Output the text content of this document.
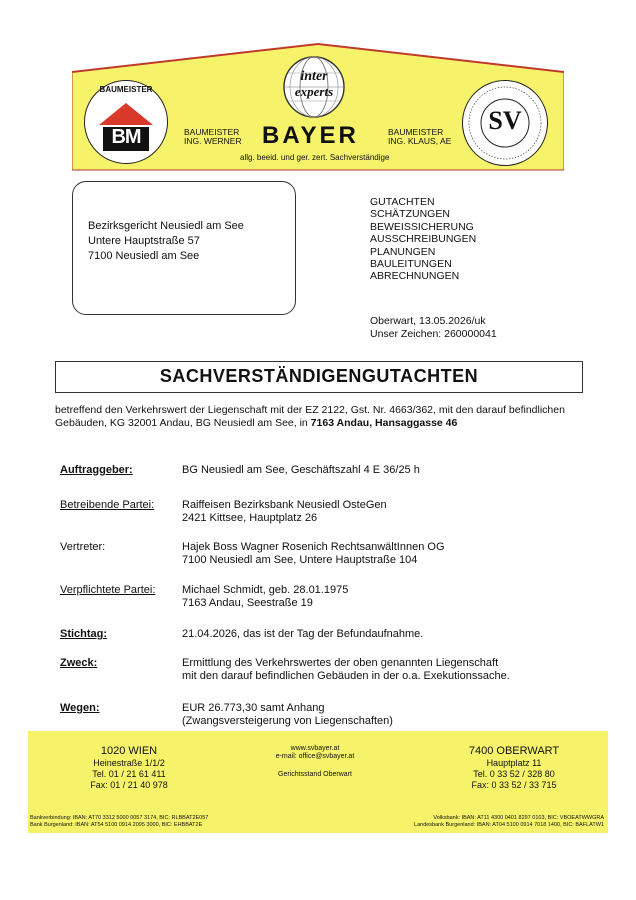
BAUMEISTER
BM
inter
experts
BAUMEISTER
ING. WERNER BAYER	BAUMEISTER
ING. KLAUS, AE
allg. beeid. und ger. zert. Sachverständige
SV
Bezirksgericht Neusiedl am See
Untere Hauptstraße 57
7100 Neusiedl am See
GUTACHTEN
SCHÄTZUNGEN
BEWEISSICHERUNG
AUSSCHREIBUNGEN
PLANUNGEN
BAULEITUNGEN
ABRECHNUNGEN
Oberwart, 13.05.2026/uk
Unser Zeichen: 260000041
SACHVERSTÄNDIGENGUTACHTEN
betreffend den Verkehrswert der Liegenschaft mit der EZ 2122, Gst. Nr. 4663/362, mit den darauf befindlichen Gebäuden, KG 32001 Andau, BG Neusiedl am See, in 7163 Andau, Hansaggasse 46
Auftraggeber:	BG Neusiedl am See, Geschäftszahl 4 E 36/25 h
Betreibende Partei:	Raiffeisen Bezirksbank Neusiedl OsteGen
2421 Kittsee, Hauptplatz 26
Vertreter:	Hajek Boss Wagner Rosenich RechtsanwältInnen OG
7100 Neusiedl am See, Untere Hauptstraße 104
Verpflichtete Partei: Michael Schmidt, geb. 28.01.1975
7163 Andau, Seestraße 19
Stichtag:	21.04.2026, das ist der Tag der Befundaufnahme.
Zweck:	Ermittlung des Verkehrswertes der oben genannten Liegenschaft
mit den darauf befindlichen Gebäuden in der o.a. Exekutionssache.
Wegen:	EUR 26.773,30 samt Anhang
(Zwangsversteigerung von Liegenschaften)
1020 WIEN
Heinestraße 1/1/2
Tel. 01 / 21 61 411
Fax: 01 / 21 40 978
www.svbayer.at
e-mail: office@svbayer.at
Gerichtsstand Oberwart
7400 OBERWART
Hauptplatz 11
Tel. 0 33 52 / 328 80
Fax: 0 33 52 / 33 715
Bankverbindung: IBAN: AT70 3312 5000 0057 3174, BIC: RLBBAT2E057
Bank Burgenland: IBAN: AT54 5100 0914 2095 3000, BIC: EHBBAT2E
Volksbank: IBAN: AT11 4300 0401 8297 0103, BIC: VBOEATWWGRA
Landesbank Burgenland: IBAN: AT04 5100 0914 7018 1400, BIC: BAFLATW1
